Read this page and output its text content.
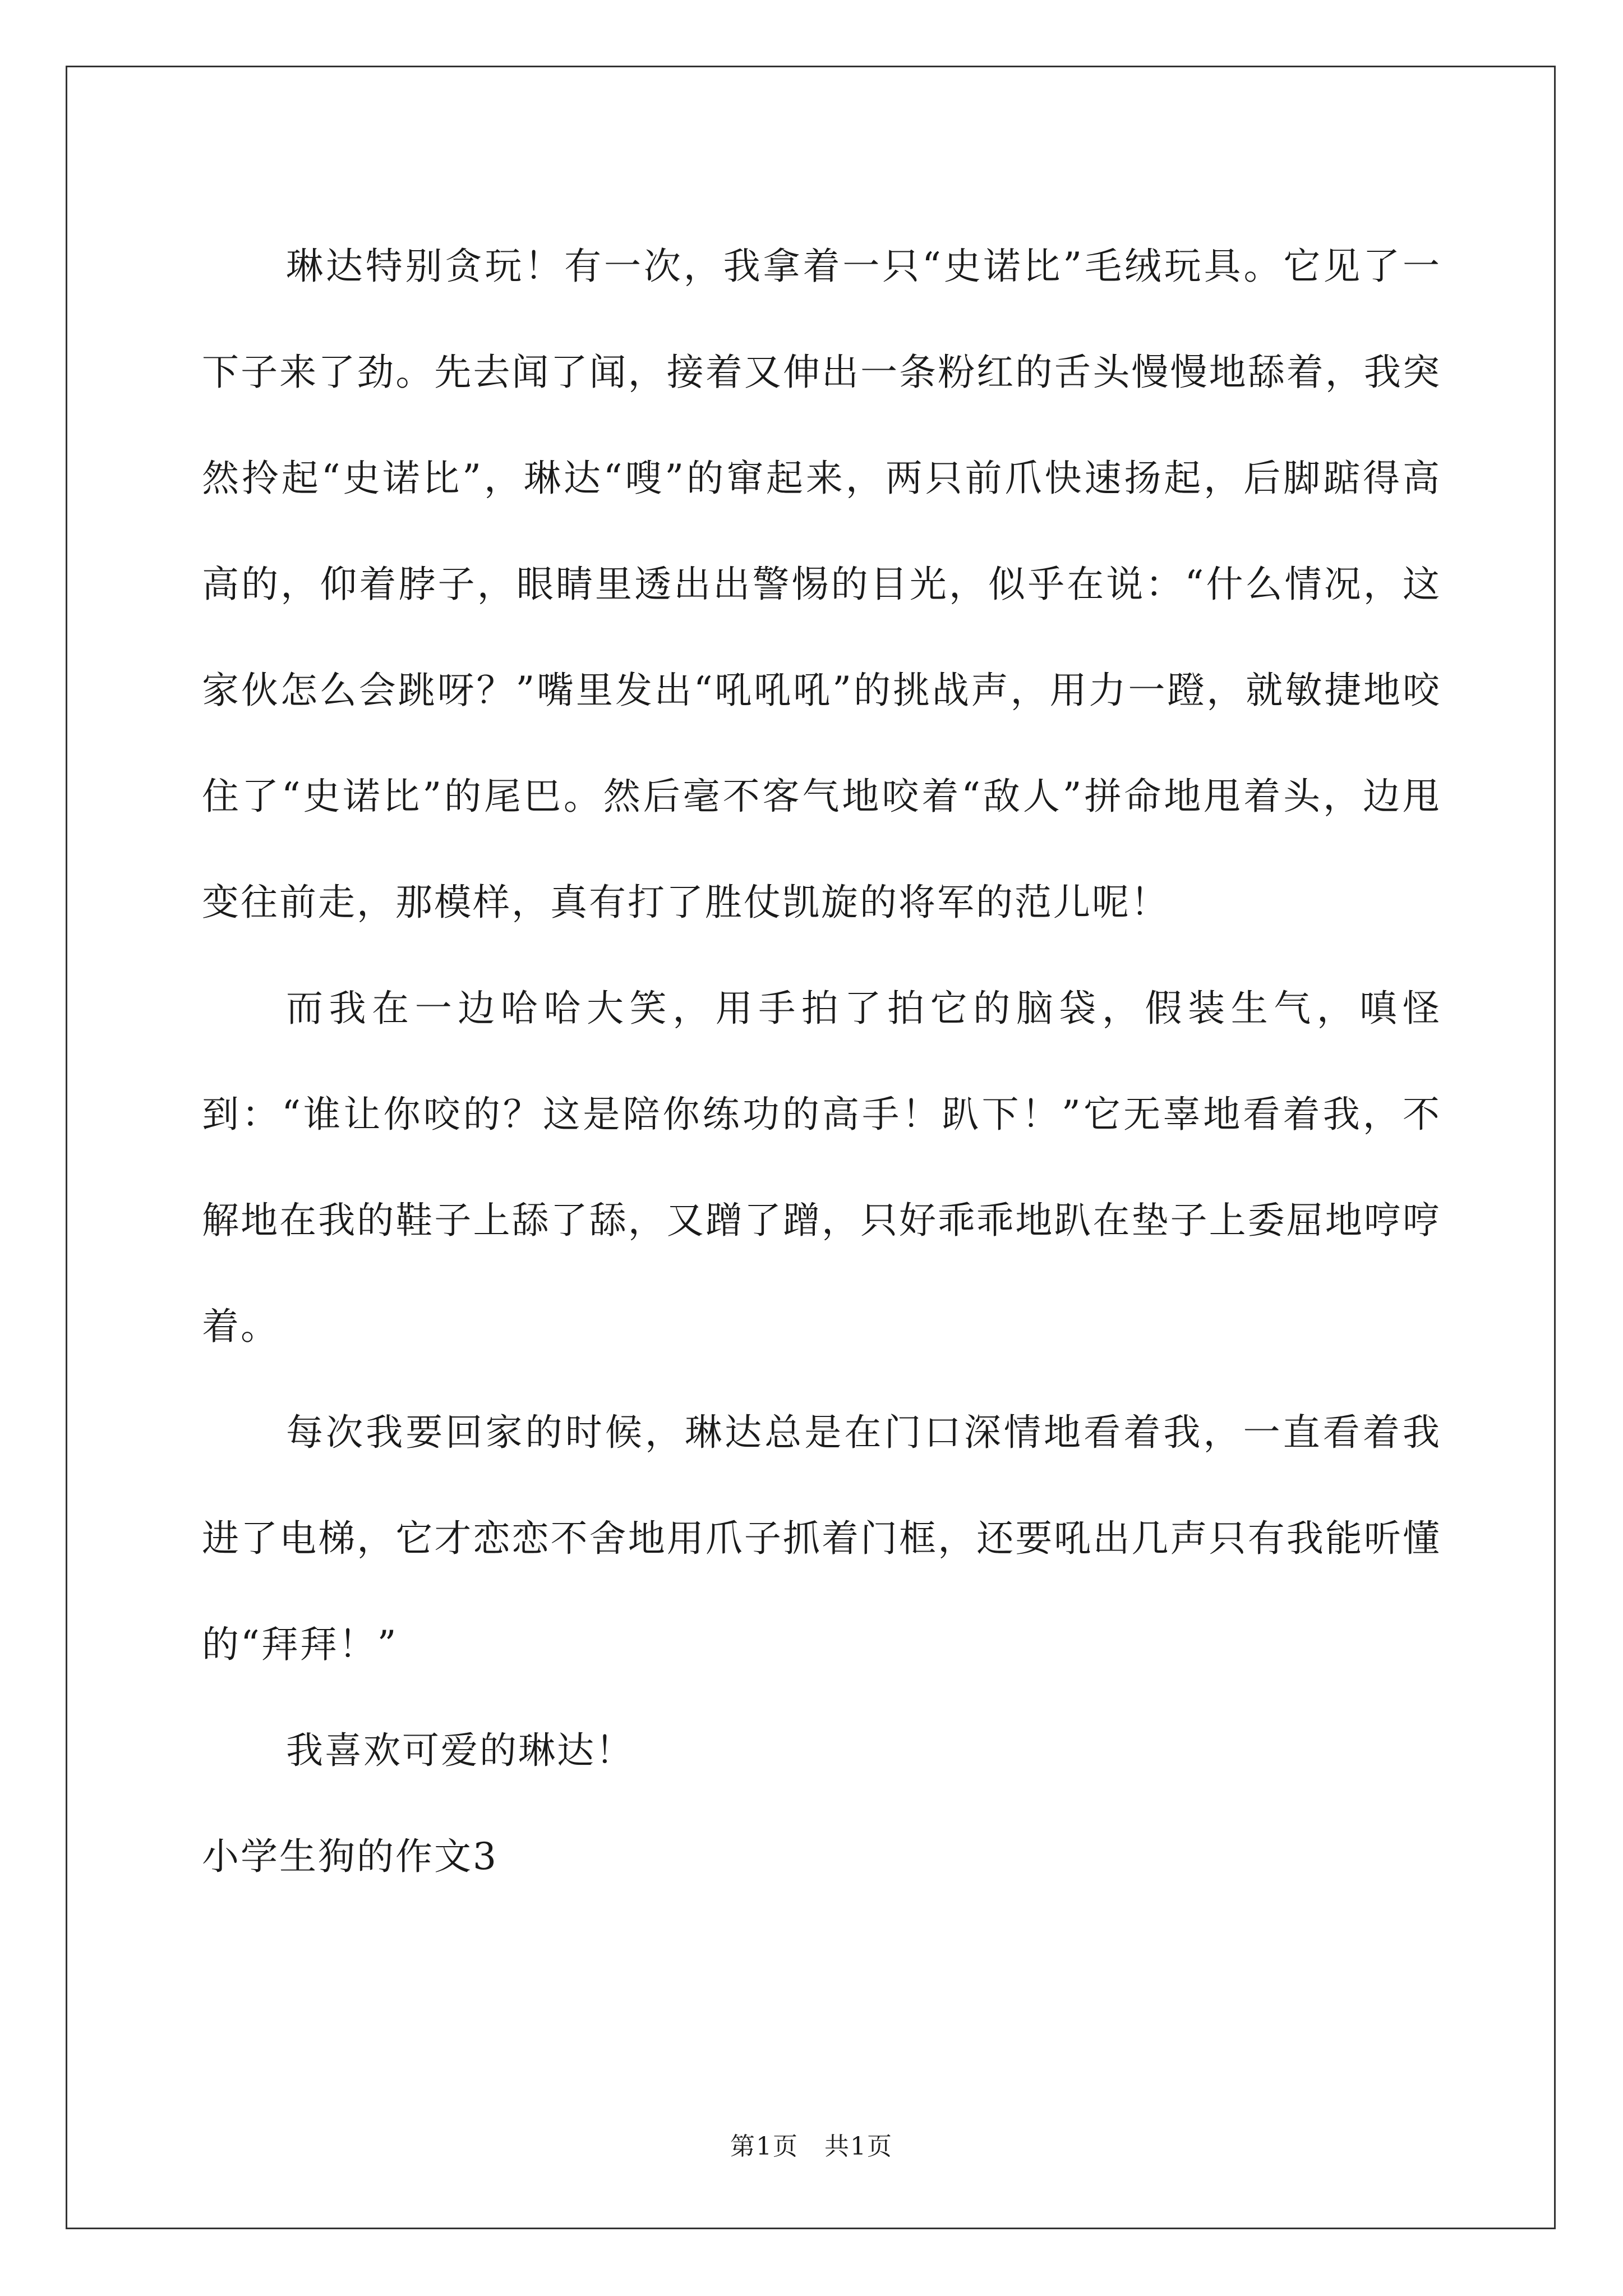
琳达特别贪玩！有一次，我拿着一只“史诺比”毛绒玩具。它见了一下子来了劲。先去闻了闻，接着又伸出一条粉红的舌头慢慢地舔着，我突然拎起“史诺比”，琳达“嗖”的窜起来，两只前爪快速扬起，后脚踮得高高的，仰着脖子，眼睛里透出出警惕的目光，似乎在说：“什么情况，这家伙怎么会跳呀？”嘴里发出“吼吼吼”的挑战声，用力一蹬，就敏捷地咬住了“史诺比”的尾巴。然后毫不客气地咬着“敌人”拼命地甩着头，边甩变往前走，那模样，真有打了胜仗凯旋的将军的范儿呢！

而我在一边哈哈大笑，用手拍了拍它的脑袋，假装生气，嗔怪到：“谁让你咬的？这是陪你练功的高手！趴下！”它无辜地看着我，不解地在我的鞋子上舔了舔，又蹭了蹭，只好乖乖地趴在垫子上委屈地哼哼着。

每次我要回家的时候，琳达总是在门口深情地看着我，一直看着我进了电梯，它才恋恋不舍地用爪子抓着门框，还要吼出几声只有我能听懂的“拜拜！”

我喜欢可爱的琳达！

小学生狗的作文3

第1页　共1页
